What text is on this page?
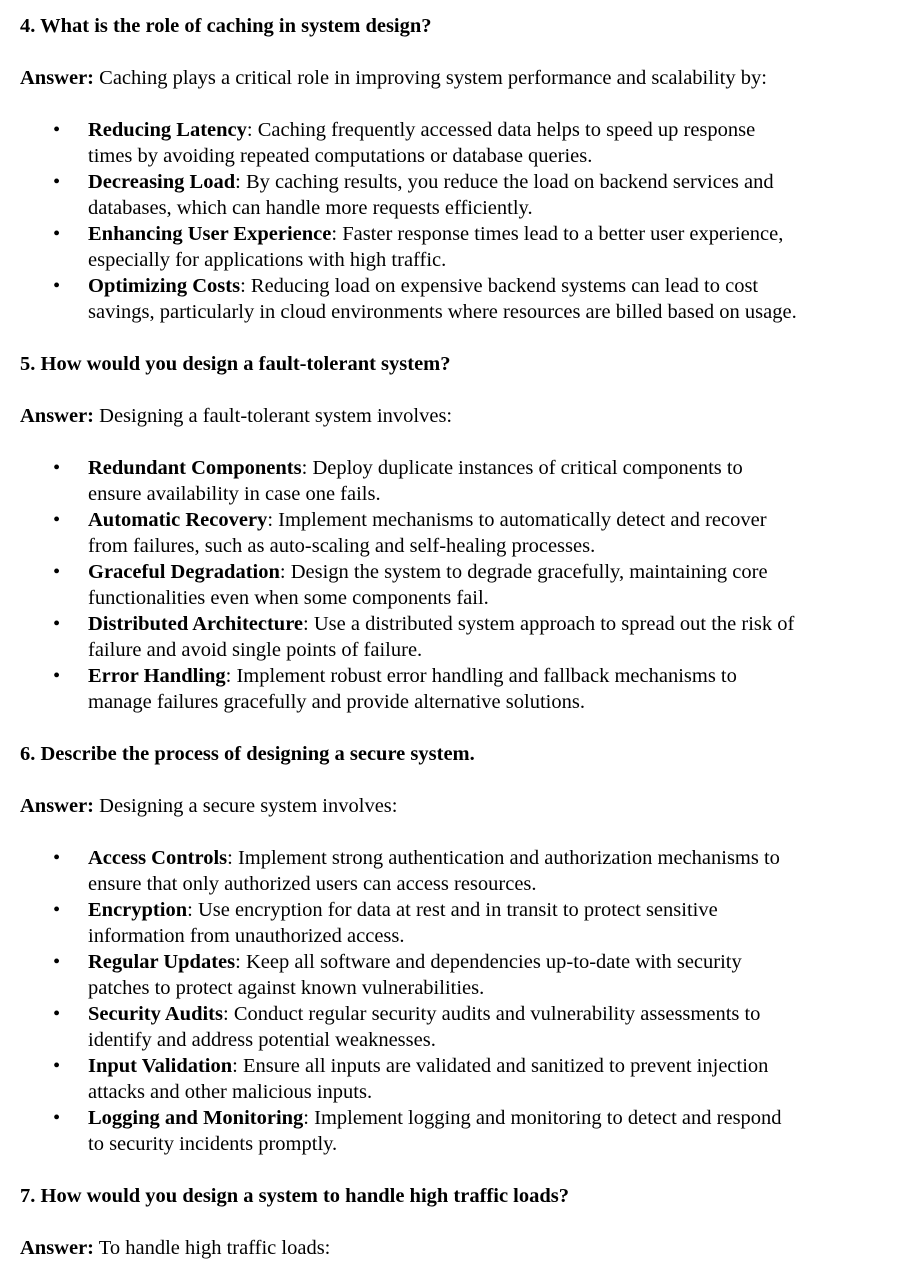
4. What is the role of caching in system design?

Answer: Caching plays a critical role in improving system performance and scalability by:

• Reducing Latency: Caching frequently accessed data helps to speed up response
times by avoiding repeated computations or database queries.
• Decreasing Load: By caching results, you reduce the load on backend services and
databases, which can handle more requests efficiently.
• Enhancing User Experience: Faster response times lead to a better user experience,
especially for applications with high traffic.
• Optimizing Costs: Reducing load on expensive backend systems can lead to cost
savings, particularly in cloud environments where resources are billed based on usage.

5. How would you design a fault-tolerant system?

Answer: Designing a fault-tolerant system involves:

• Redundant Components: Deploy duplicate instances of critical components to
ensure availability in case one fails.
• Automatic Recovery: Implement mechanisms to automatically detect and recover
from failures, such as auto-scaling and self-healing processes.
• Graceful Degradation: Design the system to degrade gracefully, maintaining core
functionalities even when some components fail.
• Distributed Architecture: Use a distributed system approach to spread out the risk of
failure and avoid single points of failure.
• Error Handling: Implement robust error handling and fallback mechanisms to
manage failures gracefully and provide alternative solutions.

6. Describe the process of designing a secure system.

Answer: Designing a secure system involves:

• Access Controls: Implement strong authentication and authorization mechanisms to
ensure that only authorized users can access resources.
• Encryption: Use encryption for data at rest and in transit to protect sensitive
information from unauthorized access.
• Regular Updates: Keep all software and dependencies up-to-date with security
patches to protect against known vulnerabilities.
• Security Audits: Conduct regular security audits and vulnerability assessments to
identify and address potential weaknesses.
• Input Validation: Ensure all inputs are validated and sanitized to prevent injection
attacks and other malicious inputs.
• Logging and Monitoring: Implement logging and monitoring to detect and respond
to security incidents promptly.

7. How would you design a system to handle high traffic loads?

Answer: To handle high traffic loads:
